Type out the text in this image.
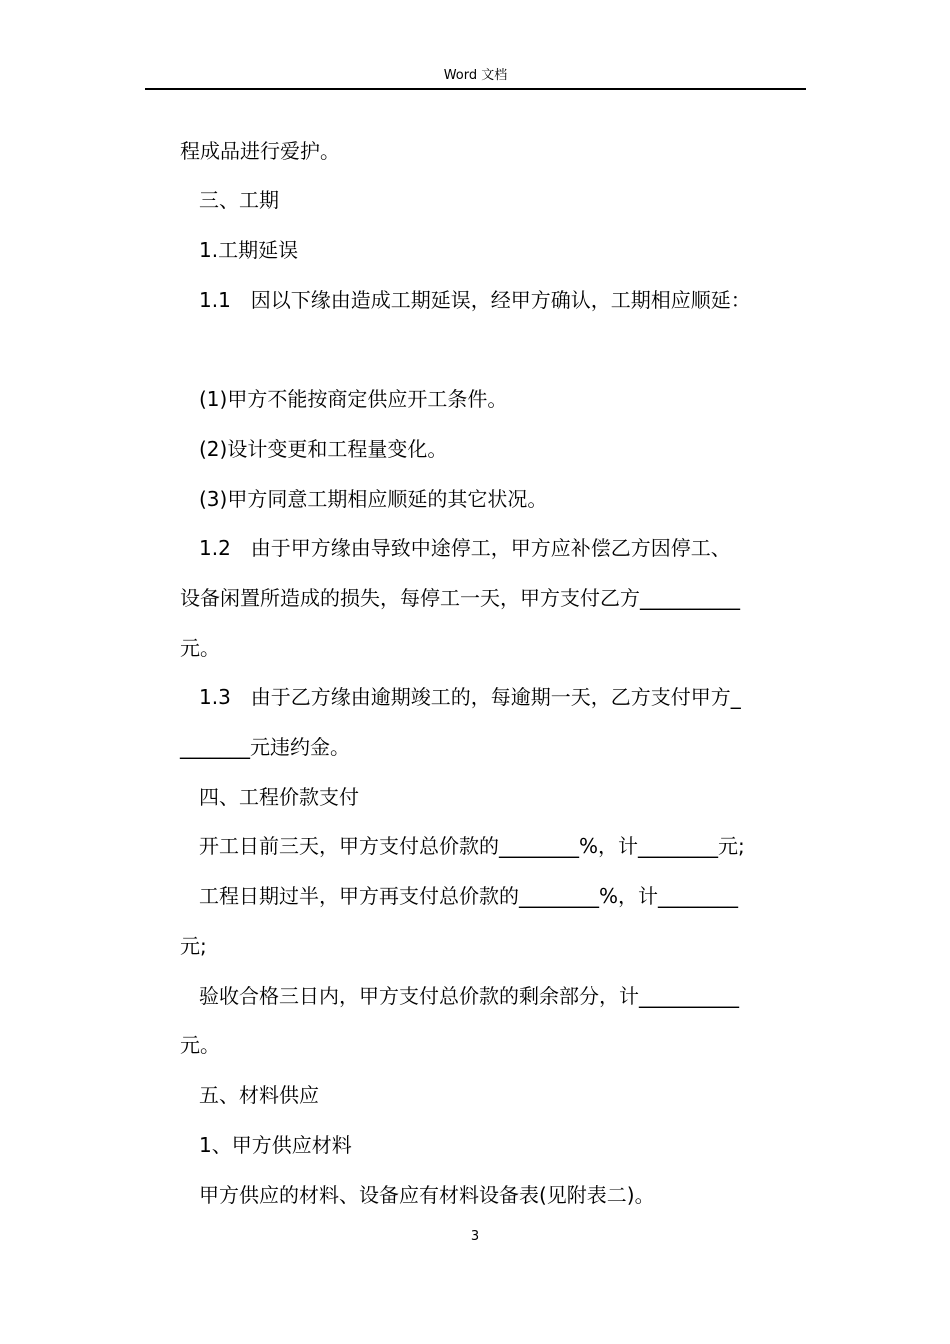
Word 文档
程成品进行爱护。
三、工期
1.工期延误
1.1　因以下缘由造成工期延误，经甲方确认，工期相应顺延：
(1)甲方不能按商定供应开工条件。
(2)设计变更和工程量变化。
(3)甲方同意工期相应顺延的其它状况。
1.2　由于甲方缘由导致中途停工，甲方应补偿乙方因停工、
设备闲置所造成的损失，每停工一天，甲方支付乙方__________
元。
1.3　由于乙方缘由逾期竣工的，每逾期一天，乙方支付甲方_
_______元违约金。
四、工程价款支付
开工日前三天，甲方支付总价款的________%，计________元;
工程日期过半，甲方再支付总价款的________%，计________
元;
验收合格三日内，甲方支付总价款的剩余部分，计__________
元。
五、材料供应
1、甲方供应材料
甲方供应的材料、设备应有材料设备表(见附表二)。
3
